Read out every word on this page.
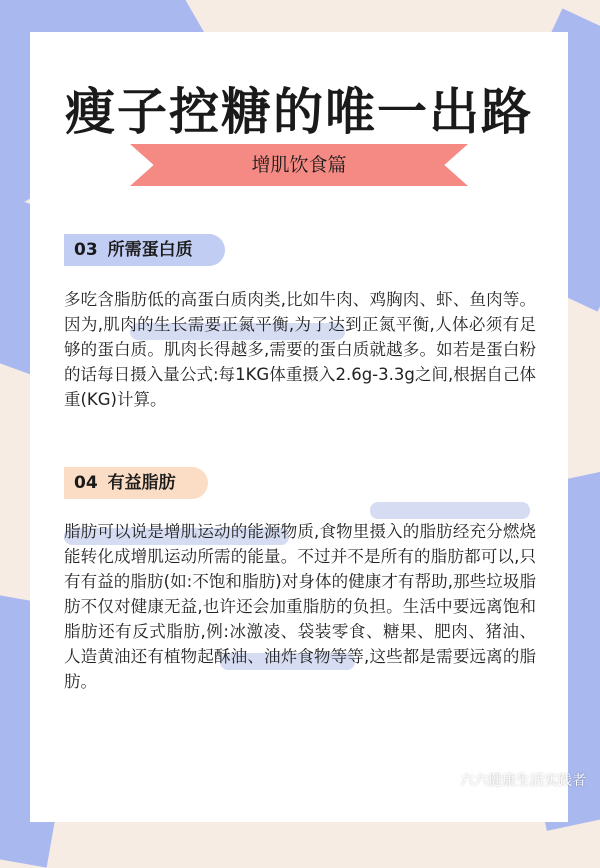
瘦子控糖的唯一出路
增肌饮食篇
03 所需蛋白质
多吃含脂肪低的高蛋白质肉类,比如牛肉、鸡胸肉、虾、鱼肉等。因为,肌肉的生长需要正氮平衡,为了达到正氮平衡,人体必须有足够的蛋白质。肌肉长得越多,需要的蛋白质就越多。如若是蛋白粉的话每日摄入量公式:每1KG体重摄入2.6g-3.3g之间,根据自己体重(KG)计算。
04 有益脂肪
脂肪可以说是增肌运动的能源物质,食物里摄入的脂肪经充分燃烧能转化成增肌运动所需的能量。不过并不是所有的脂肪都可以,只有有益的脂肪(如:不饱和脂肪)对身体的健康才有帮助,那些垃圾脂肪不仅对健康无益,也许还会加重脂肪的负担。生活中要远离饱和脂肪还有反式脂肪,例:冰激凌、袋装零食、糖果、肥肉、猪油、人造黄油还有植物起酥油、油炸食物等等,这些都是需要远离的脂肪。
六六健康生活实践者
